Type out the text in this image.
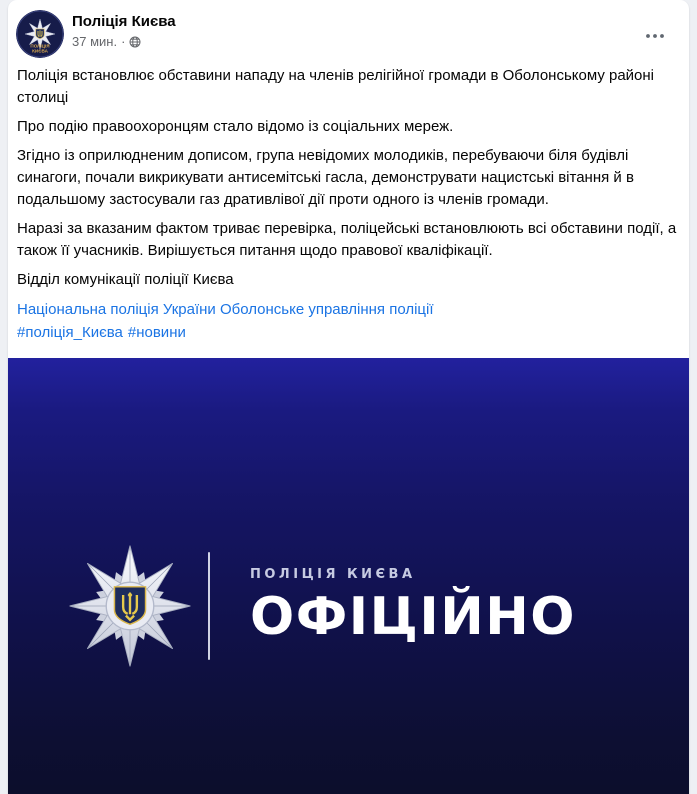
ПОЛІЦІЯ
КИЄВА
Поліція Києва
37 мин. ·

Поліція встановлює обставини нападу на членів релігійної громади в Оболонському районі столиці

Про подію правоохоронцям стало відомо із соціальних мереж.

Згідно із оприлюдненим дописом, група невідомих молодиків, перебуваючи біля будівлі синагоги, почали викрикувати антисемітські гасла, демонструвати нацистські вітання й в подальшому застосували газ дративлівої дії проти одного із членів громади.

Наразі за вказаним фактом триває перевірка, поліцейські встановлюють всі обставини події, а також її учасників. Вирішується питання щодо правової кваліфікації.

Відділ комунікації поліції Києва

Національна поліція України Оболонське управління поліції
#поліція_Києва #новини

ПОЛІЦІЯ КИЄВА
ОФІЦІЙНО
